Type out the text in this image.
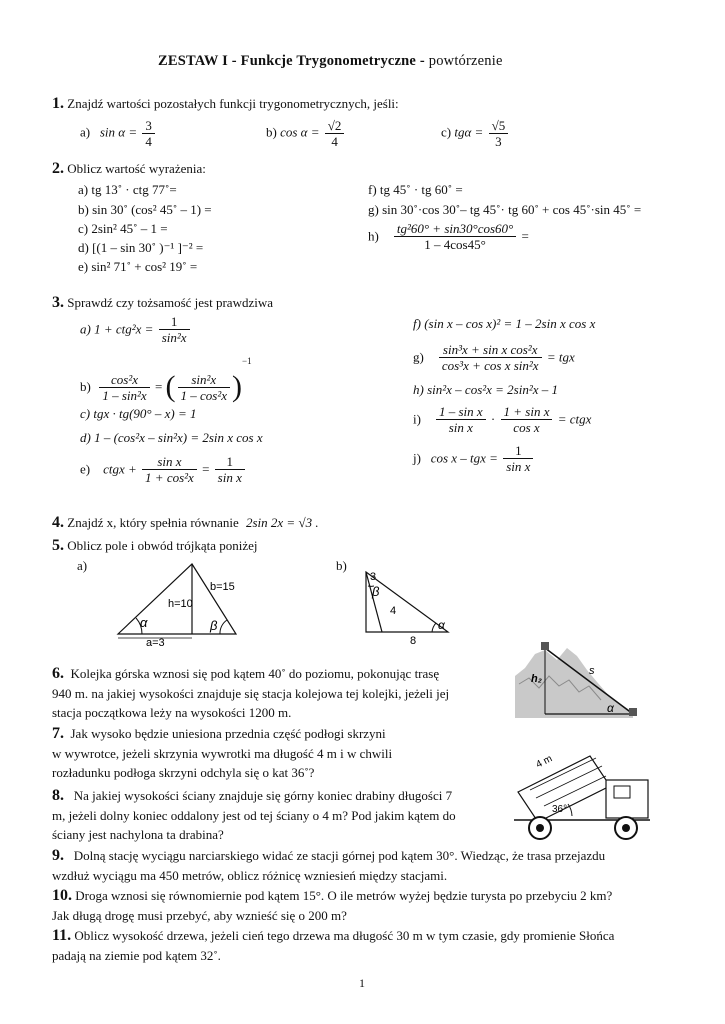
ZESTAW I - Funkcje Trygonometryczne - powtórzenie
1. Znajdź wartości pozostałych funkcji trygonometrycznych, jeśli:
a) $\sin \alpha = \frac{3}{4}$	b) $\cos \alpha = \frac{√2}{4}$	c) $tg\alpha = \frac{√5}{3}$
2. Oblicz wartość wyrażenia:
a) tg 13˚ · ctg 77˚=
b) sin 30˚ (cos² 45˚ – 1) =
c) 2sin² 45˚ – 1 =
d) [(1 – sin 30˚ )⁻¹ ]⁻² =
e) sin² 71˚ + cos² 19˚ =
f) tg 45˚ · tg 60˚ =
g) sin 30˚·cos 30˚– tg 45˚· tg 60˚ + cos 45˚·sin 45˚ =
$h) \frac{\text{tg²60° + sin30°cos60°}}{1 - 4\cos 45^\circ}$ =
3. Sprawdź czy tożsamość jest prawdziwa
a) $1 + ctg^2x = \frac{1}{\text{sin²x}}$
$b) \frac{\text{cos²x}}{\text{1 – sin²x}}$ = ( $\frac{\text{sin²x}}{\text{1 – cos²x}} )^{-1}$
c) tgx · tg(90° – x) = 1
d) 1 – (cos²x – sin²x) = 2sin x cos x
e) ctgx + $\frac{\text{sin x}}{\text{1 + cos²x}} = \frac{1}{\text{sin x}}$
f) (sin x – cos x)² = 1 – 2sin x cos x
$g) \frac{\text{sin³x + sin x cos²x}}{\text{cos³x + cos x sin²x}}$ = tgx
h) sin²x – cos²x = 2sin²x – 1
$i) \frac{\text{1 – sin x}}{\text{sin x}} \cdot \frac{\text{1 + sin x}}{\text{cos x}}$ = ctgx
j) cos x – tgx = $\frac{1}{\text{sin x}}$
4. Znajdź x, który spełnia równanie 2sin 2x = √3 .
5. Oblicz pole i obwód trójkąta poniżej
a)	b)
h=10
b=15
a=3
α	β
3
4
8
β
α
6. Kolejka górska wznosi się pod kątem 40˚ do poziomu, pokonując trasę
940 m. na jakiej wysokości znajduje się stacja kolejowa tej kolejki, jeżeli jej
stacja początkowa leży na wysokości 1200 m.
s
h₂
α
7. Jak wysoko będzie uniesiona przednia część podłogi skrzyni
w wywrotce, jeżeli skrzynia wywrotki ma długość 4 m i w chwili
rozładunku podłoga skrzyni odchyla się o kat 36˚?
4 m
36°
8. Na jakiej wysokości ściany znajduje się górny koniec drabiny długości 7
m, jeżeli dolny koniec oddalony jest od tej ściany o 4 m? Pod jakim kątem do
ściany jest nachylona ta drabina?
9. Dolną stację wyciągu narciarskiego widać ze stacji górnej pod kątem 30°. Wiedząc, że trasa przejazdu
wzdłuż wyciągu ma 450 metrów, oblicz różnicę wzniesień między stacjami.
10. Droga wznosi się równomiernie pod kątem 15°. O ile metrów wyżej będzie turysta po przebyciu 2 km?
Jak długą drogę musi przebyć, aby wznieść się o 200 m?
11. Oblicz wysokość drzewa, jeżeli cień tego drzewa ma długość 30 m w tym czasie, gdy promienie Słońca
padają na ziemie pod kątem 32˚.
1
